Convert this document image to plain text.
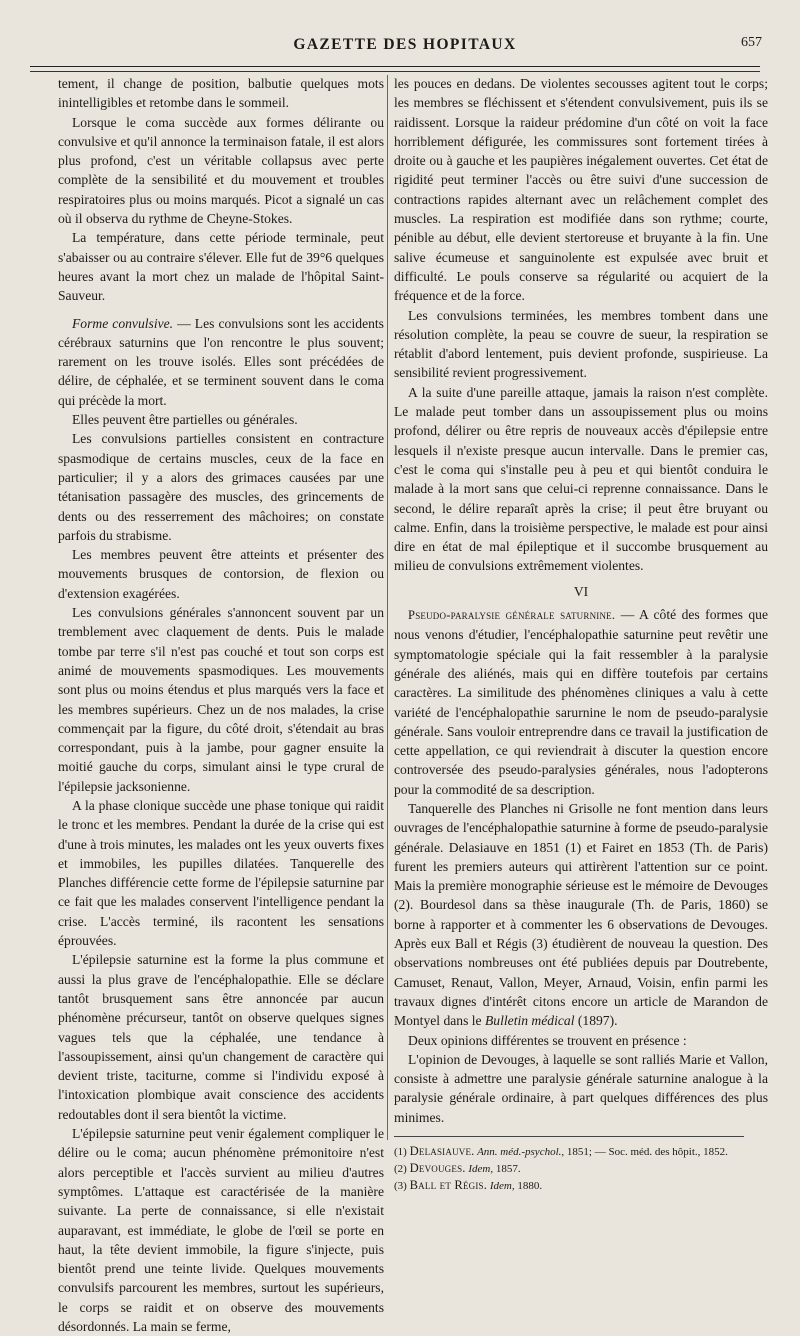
GAZETTE DES HOPITAUX	657

tement, il change de position, balbutie quelques mots inintelligibles et retombe dans le sommeil.

Lorsque le coma succède aux formes délirante ou convulsive et qu'il annonce la terminaison fatale, il est alors plus profond, c'est un véritable collapsus avec perte complète de la sensibilité et du mouvement et troubles respiratoires plus ou moins marqués. Picot a signalé un cas où il observa du rythme de Cheyne-Stokes.

La température, dans cette période terminale, peut s'abaisser ou au contraire s'élever. Elle fut de 39°6 quelques heures avant la mort chez un malade de l'hôpital Saint-Sauveur.

Forme convulsive. — Les convulsions sont les accidents cérébraux saturnins que l'on rencontre le plus souvent; rarement on les trouve isolés. Elles sont précédées de délire, de céphalée, et se terminent souvent dans le coma qui précède la mort.

Elles peuvent être partielles ou générales.

Les convulsions partielles consistent en contracture spasmodique de certains muscles, ceux de la face en particulier; il y a alors des grimaces causées par une tétanisation passagère des muscles, des grincements de dents ou des resserrement des mâchoires; on constate parfois du strabisme.

Les membres peuvent être atteints et présenter des mouvements brusques de contorsion, de flexion ou d'extension exagérées.

Les convulsions générales s'annoncent souvent par un tremblement avec claquement de dents. Puis le malade tombe par terre s'il n'est pas couché et tout son corps est animé de mouvements spasmodiques. Les mouvements sont plus ou moins étendus et plus marqués vers la face et les membres supérieurs. Chez un de nos malades, la crise commençait par la figure, du côté droit, s'étendait au bras correspondant, puis à la jambe, pour gagner ensuite la moitié gauche du corps, simulant ainsi le type crural de l'épilepsie jacksonienne.

A la phase clonique succède une phase tonique qui raidit le tronc et les membres. Pendant la durée de la crise qui est d'une à trois minutes, les malades ont les yeux ouverts fixes et immobiles, les pupilles dilatées. Tanquerelle des Planches différencie cette forme de l'épilepsie saturnine par ce fait que les malades conservent l'intelligence pendant la crise. L'accès terminé, ils racontent les sensations éprouvées.

L'épilepsie saturnine est la forme la plus commune et aussi la plus grave de l'encéphalopathie. Elle se déclare tantôt brusquement sans être annoncée par aucun phénomène précurseur, tantôt on observe quelques signes vagues tels que la céphalée, une tendance à l'assoupissement, ainsi qu'un changement de caractère qui devient triste, taciturne, comme si l'individu exposé à l'intoxication plombique avait conscience des accidents redoutables dont il sera bientôt la victime.

L'épilepsie saturnine peut venir également compliquer le délire ou le coma; aucun phénomène prémonitoire n'est alors perceptible et l'accès survient au milieu d'autres symptômes. L'attaque est caractérisée de la manière suivante. La perte de connaissance, si elle n'existait auparavant, est immédiate, le globe de l'œil se porte en haut, la tête devient immobile, la figure s'injecte, puis bientôt prend une teinte livide. Quelques mouvements convulsifs parcourent les membres, surtout les supérieurs, le corps se raidit et on observe des mouvements désordonnés. La main se ferme,

les pouces en dedans. De violentes secousses agitent tout le corps; les membres se fléchissent et s'étendent convulsivement, puis ils se raidissent. Lorsque la raideur prédomine d'un côté on voit la face horriblement défigurée, les commissures sont fortement tirées à droite ou à gauche et les paupières inégalement ouvertes. Cet état de rigidité peut terminer l'accès ou être suivi d'une succession de contractions rapides alternant avec un relâchement complet des muscles. La respiration est modifiée dans son rythme; courte, pénible au début, elle devient stertoreuse et bruyante à la fin. Une salive écumeuse et sanguinolente est expulsée avec bruit et difficulté. Le pouls conserve sa régularité ou acquiert de la fréquence et de la force.

Les convulsions terminées, les membres tombent dans une résolution complète, la peau se couvre de sueur, la respiration se rétablit d'abord lentement, puis devient profonde, suspirieuse. La sensibilité revient progressivement.

A la suite d'une pareille attaque, jamais la raison n'est complète. Le malade peut tomber dans un assoupissement plus ou moins profond, délirer ou être repris de nouveaux accès d'épilepsie entre lesquels il n'existe presque aucun intervalle. Dans le premier cas, c'est le coma qui s'installe peu à peu et qui bientôt conduira le malade à la mort sans que celui-ci reprenne connaissance. Dans le second, le délire reparaît après la crise; il peut être bruyant ou calme. Enfin, dans la troisième perspective, le malade est pour ainsi dire en état de mal épileptique et il succombe brusquement au milieu de convulsions extrêmement violentes.

VI

Pseudo-paralysie générale saturnine. — A côté des formes que nous venons d'étudier, l'encéphalopathie saturnine peut revêtir une symptomatologie spéciale qui la fait ressembler à la paralysie générale des aliénés, mais qui en diffère toutefois par certains caractères. La similitude des phénomènes cliniques a valu à cette variété de l'encéphalopathie sarurnine le nom de pseudo-paralysie générale. Sans vouloir entreprendre dans ce travail la justification de cette appellation, ce qui reviendrait à discuter la question encore controversée des pseudo-paralysies générales, nous l'adopterons pour la commodité de sa description.

Tanquerelle des Planches ni Grisolle ne font mention dans leurs ouvrages de l'encéphalopathie saturnine à forme de pseudo-paralysie générale. Delasiauve en 1851 (1) et Fairet en 1853 (Th. de Paris) furent les premiers auteurs qui attirèrent l'attention sur ce point. Mais la première monographie sérieuse est le mémoire de Devouges (2). Bourdesol dans sa thèse inaugurale (Th. de Paris, 1860) se borne à rapporter et à commenter les 6 observations de Devouges. Après eux Ball et Régis (3) étudièrent de nouveau la question. Des observations nombreuses ont été publiées depuis par Doutrebente, Camuset, Renaut, Vallon, Meyer, Arnaud, Voisin, enfin parmi les travaux dignes d'intérêt citons encore un article de Marandon de Montyel dans le Bulletin médical (1897).

Deux opinions différentes se trouvent en présence :

L'opinion de Devouges, à laquelle se sont ralliés Marie et Vallon, consiste à admettre une paralysie générale saturnine analogue à la paralysie générale ordinaire, à part quelques différences des plus minimes.

(1) Delasiauve. Ann. méd.-psychol., 1851; — Soc. méd. des hôpit., 1852.

(2) Devouges. Idem, 1857.

(3) Ball et Régis. Idem, 1880.
